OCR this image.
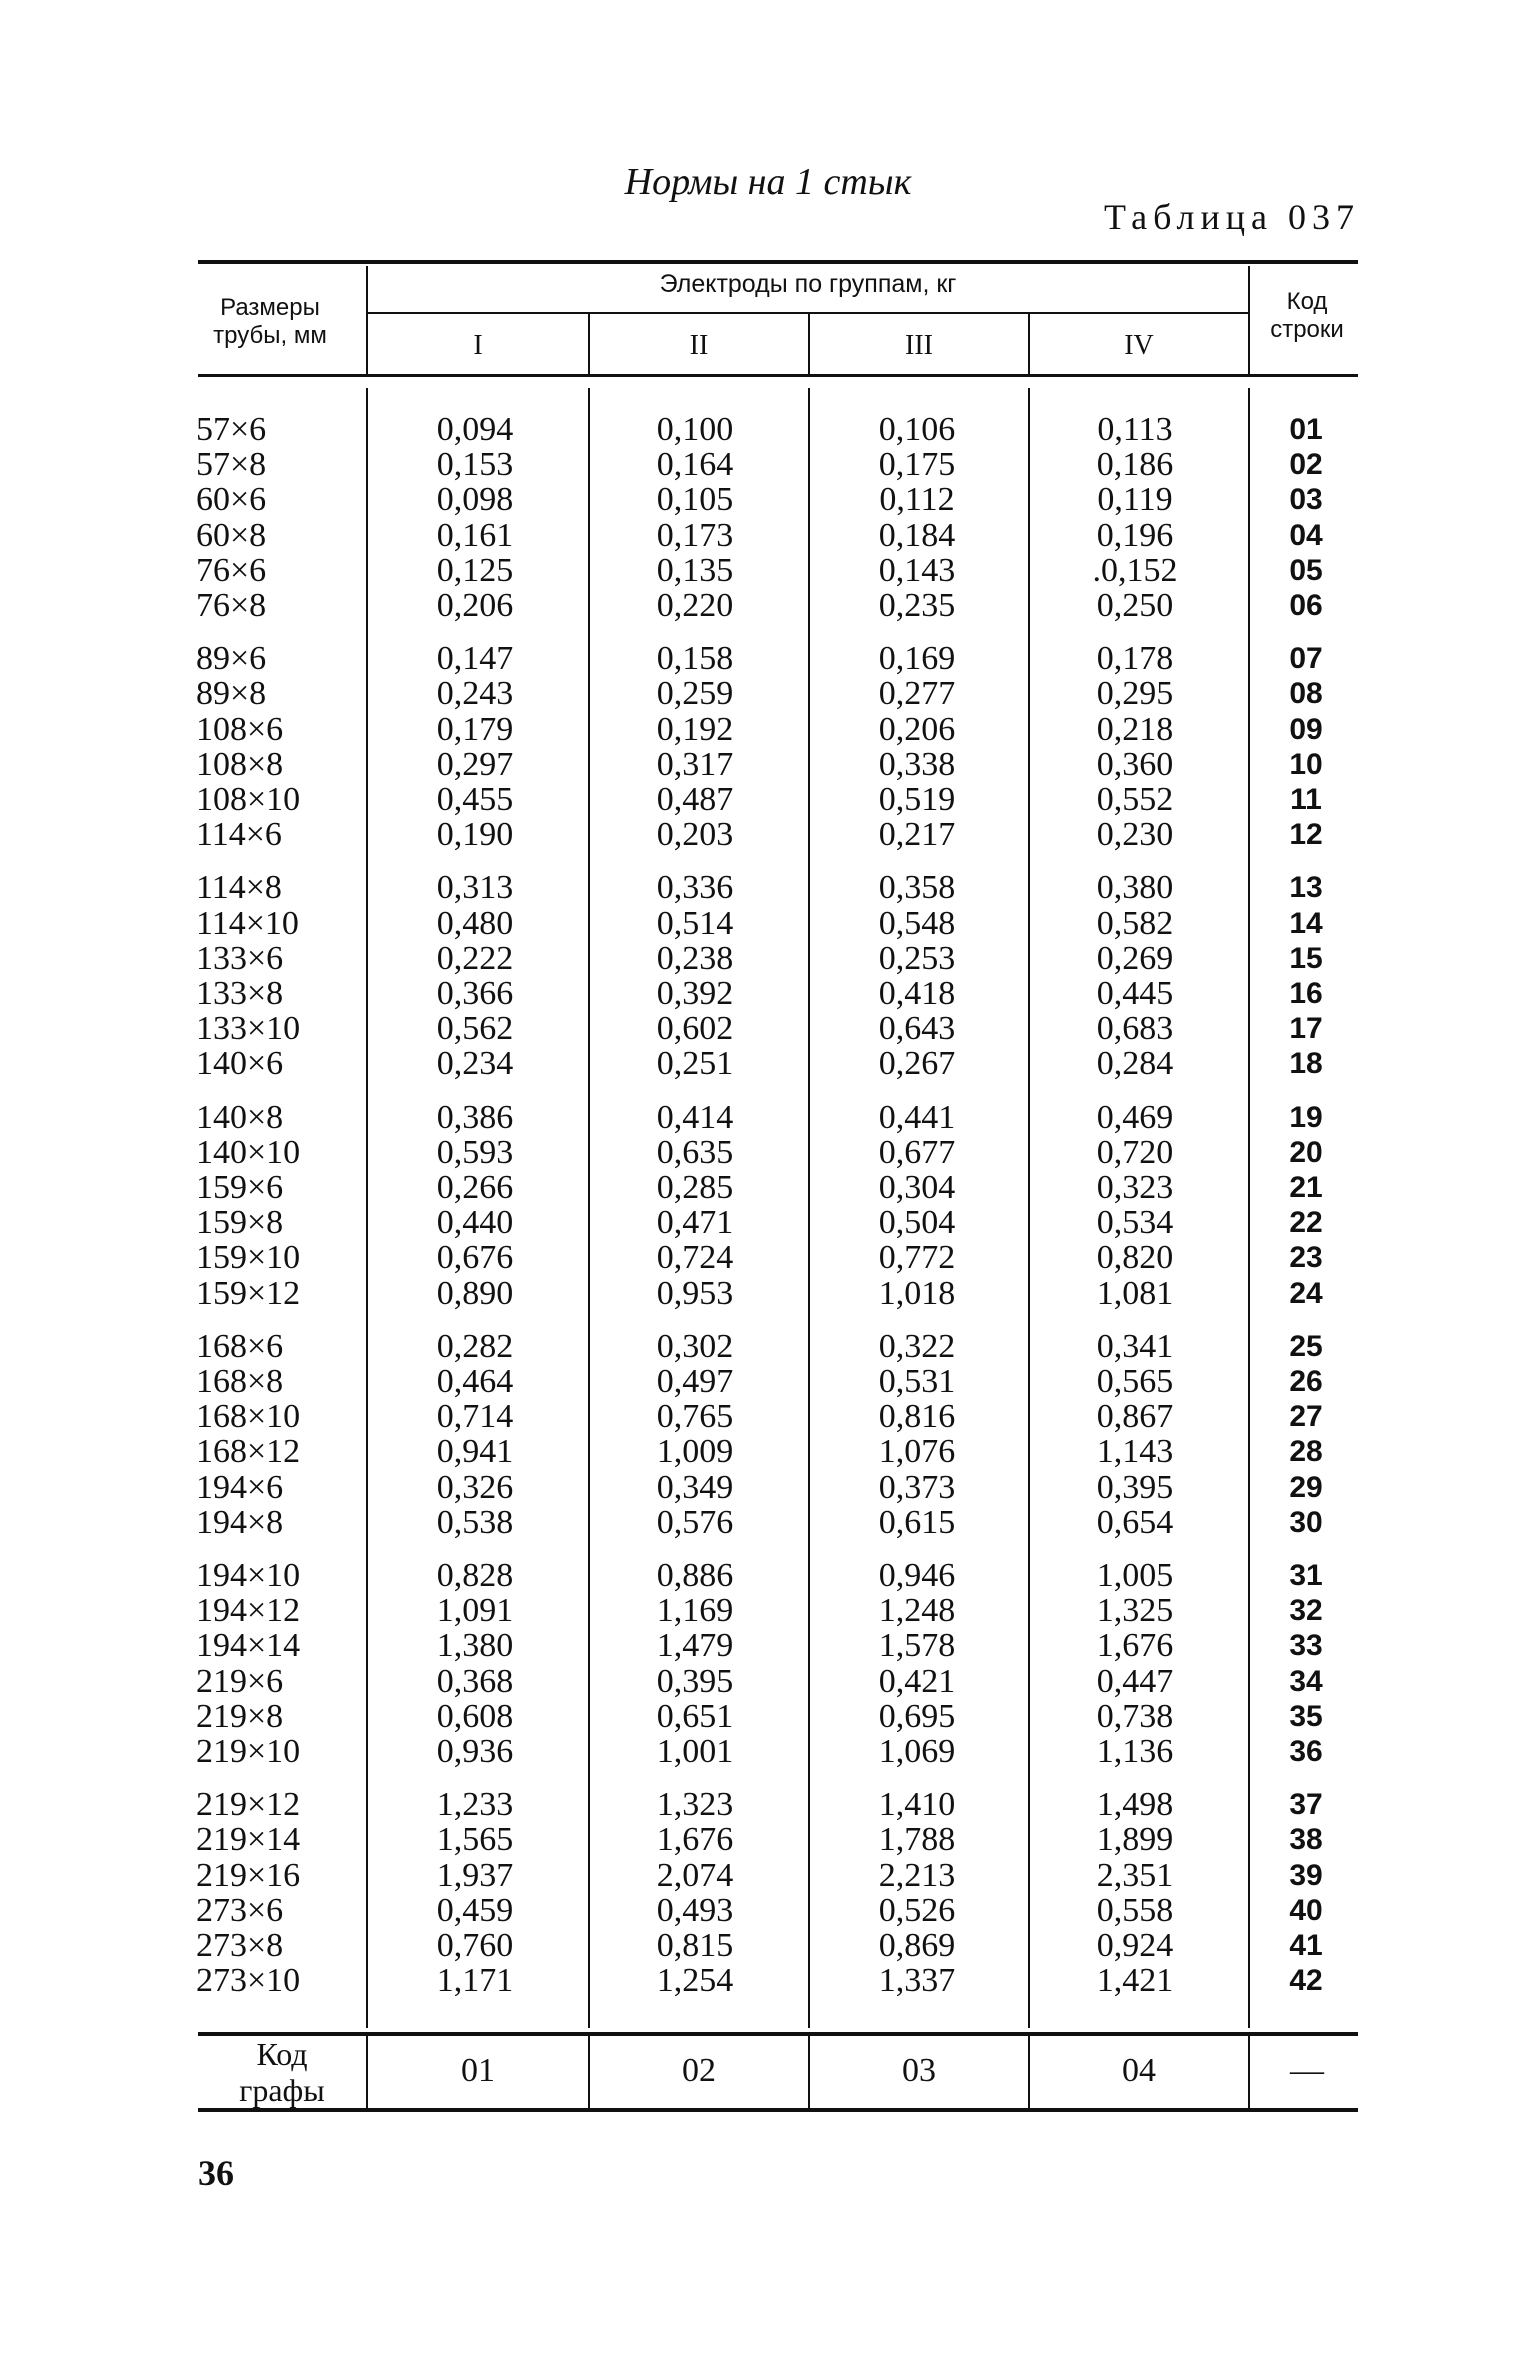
Нормы на 1 стык
Таблица 037
Размеры трубы, мм
Электроды по группам, кг
I	II	III	IV
Код строки
57×6	0,094	0,100	0,106	0,113	01
57×8	0,153	0,164	0,175	0,186	02
60×6	0,098	0,105	0,112	0,119	03
60×8	0,161	0,173	0,184	0,196	04
76×6	0,125	0,135	0,143	.0,152	05
76×8	0,206	0,220	0,235	0,250	06
89×6	0,147	0,158	0,169	0,178	07
89×8	0,243	0,259	0,277	0,295	08
108×6	0,179	0,192	0,206	0,218	09
108×8	0,297	0,317	0,338	0,360	10
108×10	0,455	0,487	0,519	0,552	11
114×6	0,190	0,203	0,217	0,230	12
114×8	0,313	0,336	0,358	0,380	13
114×10	0,480	0,514	0,548	0,582	14
133×6	0,222	0,238	0,253	0,269	15
133×8	0,366	0,392	0,418	0,445	16
133×10	0,562	0,602	0,643	0,683	17
140×6	0,234	0,251	0,267	0,284	18
140×8	0,386	0,414	0,441	0,469	19
140×10	0,593	0,635	0,677	0,720	20
159×6	0,266	0,285	0,304	0,323	21
159×8	0,440	0,471	0,504	0,534	22
159×10	0,676	0,724	0,772	0,820	23
159×12	0,890	0,953	1,018	1,081	24
168×6	0,282	0,302	0,322	0,341	25
168×8	0,464	0,497	0,531	0,565	26
168×10	0,714	0,765	0,816	0,867	27
168×12	0,941	1,009	1,076	1,143	28
194×6	0,326	0,349	0,373	0,395	29
194×8	0,538	0,576	0,615	0,654	30
194×10	0,828	0,886	0,946	1,005	31
194×12	1,091	1,169	1,248	1,325	32
194×14	1,380	1,479	1,578	1,676	33
219×6	0,368	0,395	0,421	0,447	34
219×8	0,608	0,651	0,695	0,738	35
219×10	0,936	1,001	1,069	1,136	36
219×12	1,233	1,323	1,410	1,498	37
219×14	1,565	1,676	1,788	1,899	38
219×16	1,937	2,074	2,213	2,351	39
273×6	0,459	0,493	0,526	0,558	40
273×8	0,760	0,815	0,869	0,924	41
273×10	1,171	1,254	1,337	1,421	42
Код графы
01	02	03	04	—
36
